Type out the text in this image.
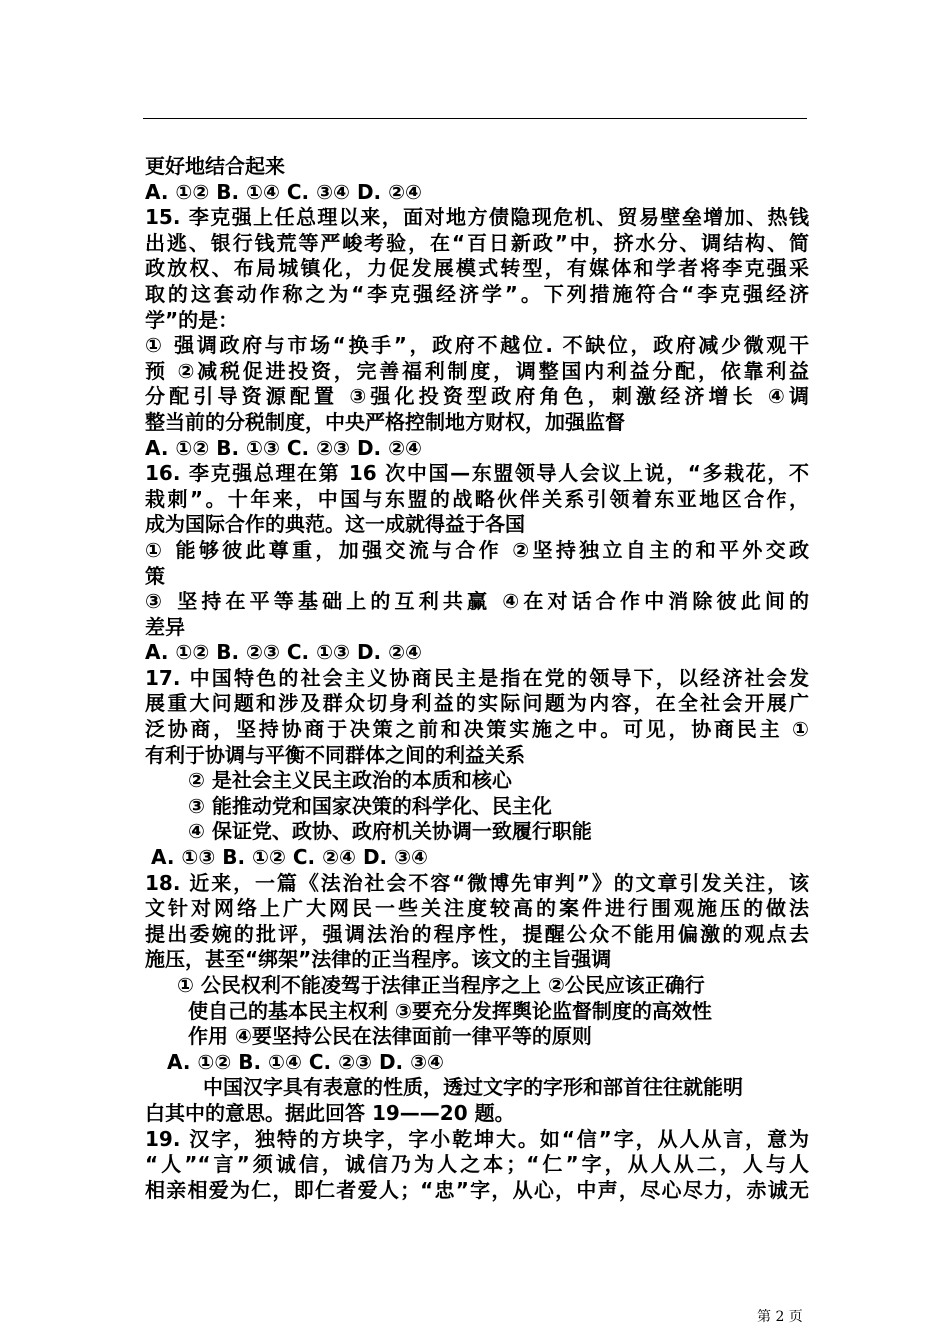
更好地结合起来
A. ①② B. ①④ C. ③④ D. ②④
15. 李克强上任总理以来，面对地方债隐现危机、贸易壁垒增加、热钱
出逃、银行钱荒等严峻考验，在“百日新政”中，挤水分、调结构、简
政放权、布局城镇化，力促发展模式转型，有媒体和学者将李克强采
取的这套动作称之为“李克强经济学”。下列措施符合“李克强经济
学”的是：
① 强调政府与市场“换手”，政府不越位. 不缺位，政府减少微观干
预 ②减税促进投资，完善福利制度，调整国内利益分配，依靠利益
分配引导资源配置 ③强化投资型政府角色，刺激经济增长 ④调
整当前的分税制度，中央严格控制地方财权，加强监督
A. ①② B. ①③ C. ②③ D. ②④
16. 李克强总理在第 16 次中国—东盟领导人会议上说，“多栽花，不
栽刺”。十年来，中国与东盟的战略伙伴关系引领着东亚地区合作，
成为国际合作的典范。这一成就得益于各国
① 能够彼此尊重，加强交流与合作 ②坚持独立自主的和平外交政
策
③ 坚持在平等基础上的互利共赢 ④在对话合作中消除彼此间的
差异
A. ①② B. ②③ C. ①③ D. ②④
17. 中国特色的社会主义协商民主是指在党的领导下，以经济社会发
展重大问题和涉及群众切身利益的实际问题为内容，在全社会开展广
泛协商，坚持协商于决策之前和决策实施之中。可见，协商民主 ①
有利于协调与平衡不同群体之间的利益关系
② 是社会主义民主政治的本质和核心
③ 能推动党和国家决策的科学化、民主化
④ 保证党、政协、政府机关协调一致履行职能
A. ①③ B. ①② C. ②④ D. ③④
18. 近来，一篇《法治社会不容“微博先审判”》的文章引发关注，该
文针对网络上广大网民一些关注度较高的案件进行围观施压的做法
提出委婉的批评，强调法治的程序性，提醒公众不能用偏激的观点去
施压，甚至“绑架”法律的正当程序。该文的主旨强调
① 公民权利不能凌驾于法律正当程序之上 ②公民应该正确行
使自己的基本民主权利 ③要充分发挥舆论监督制度的高效性
作用 ④要坚持公民在法律面前一律平等的原则
A. ①② B. ①④ C. ②③ D. ③④
中国汉字具有表意的性质，透过文字的字形和部首往往就能明
白其中的意思。据此回答 19——20 题。
19. 汉字，独特的方块字，字小乾坤大。如“信”字，从人从言，意为
“人”“言”须诚信，诚信乃为人之本；“仁”字，从人从二，人与人
相亲相爱为仁，即仁者爱人；“忠”字，从心，中声，尽心尽力，赤诚无
第 2 页
